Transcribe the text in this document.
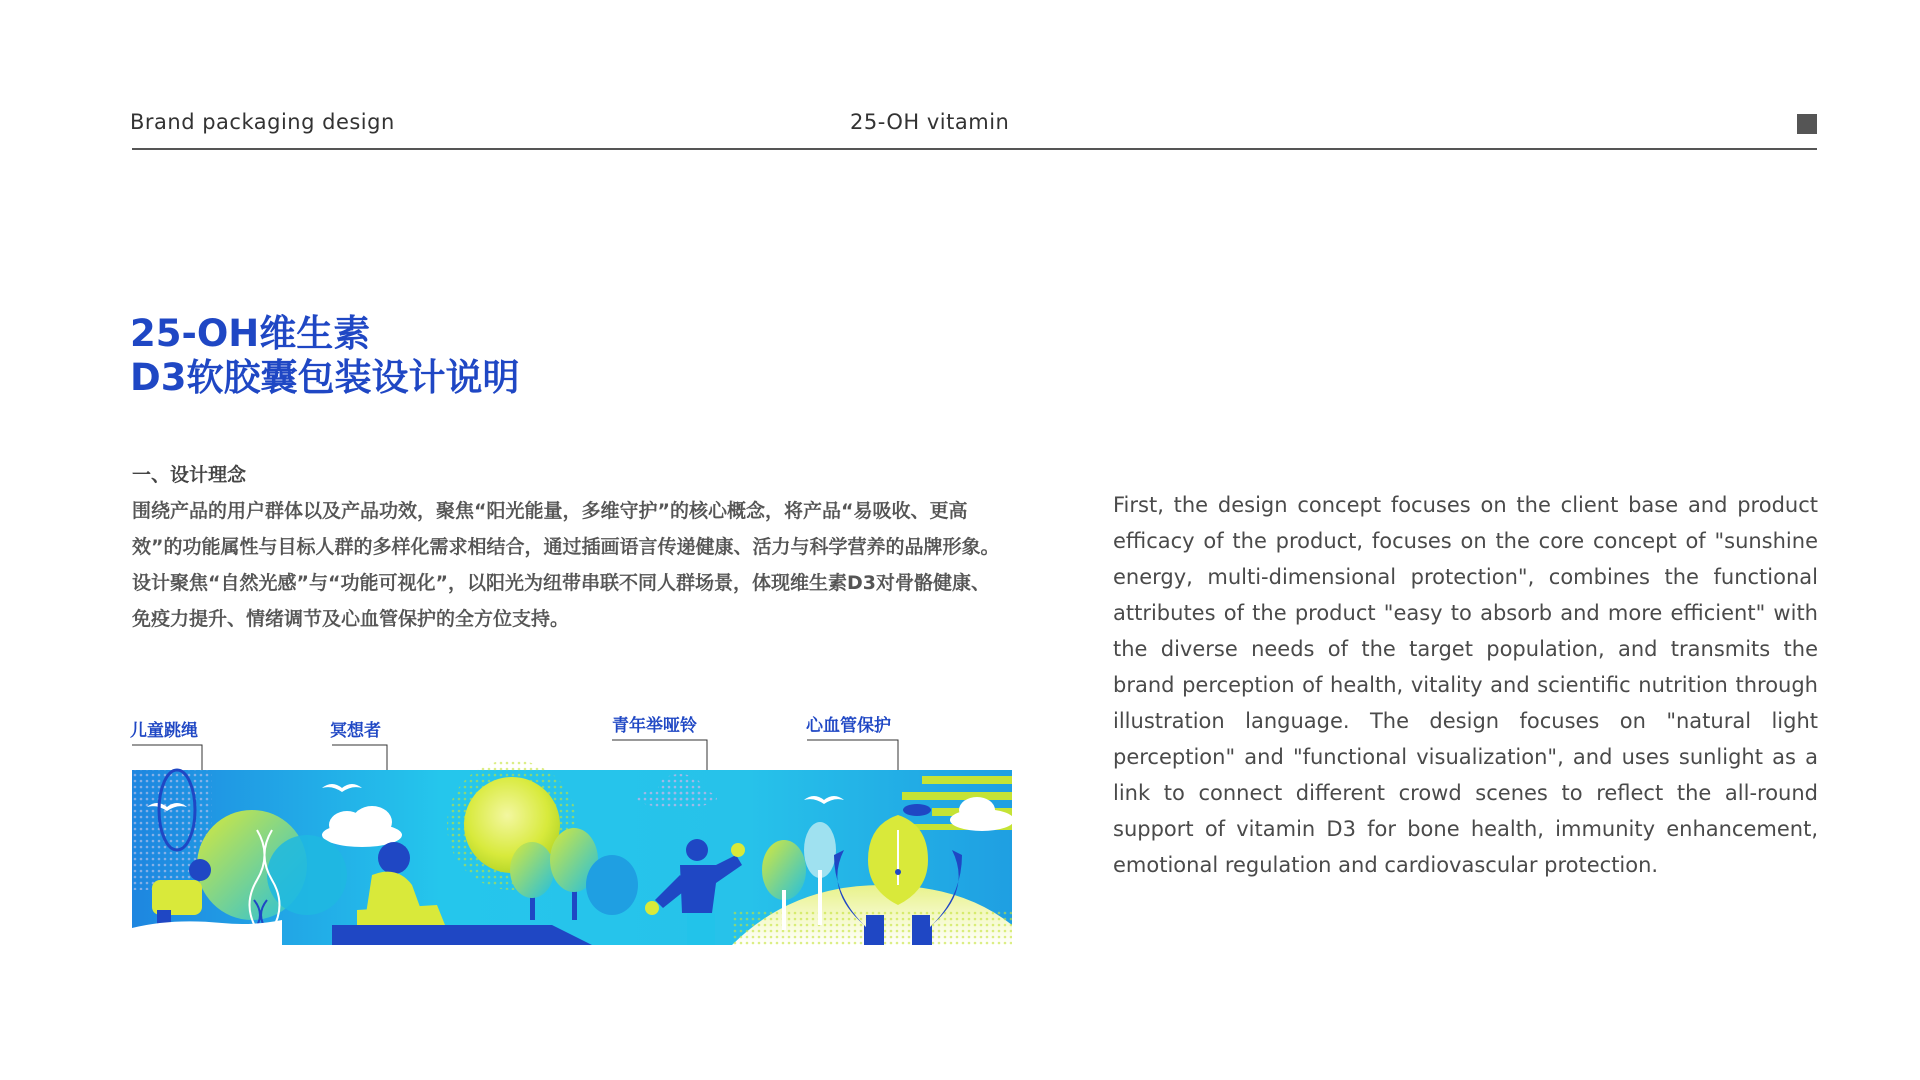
Brand packaging design	25-OH vitamin
25-OH维生素
D3软胶囊包装设计说明
一、设计理念
围绕产品的用户群体以及产品功效，聚焦“阳光能量，多维守护”的核心概念，将产品“易吸收、更高效”的功能属性与目标人群的多样化需求相结合，通过插画语言传递健康、活力与科学营养的品牌形象。设计聚焦“自然光感”与“功能可视化”，以阳光为纽带串联不同人群场景，体现维生素D3对骨骼健康、免疫力提升、情绪调节及心血管保护的全方位支持。
First, the design concept focuses on the client base and product efficacy of the product, focuses on the core concept of "sunshine energy, multi-dimensional protection", combines the functional attributes of the product "easy to absorb and more efficient" with the diverse needs of the target population, and transmits the brand perception of health, vitality and scientific nutrition through illustration language. The design focuses on "natural light perception" and "functional visualization", and uses sunlight as a link to connect different crowd scenes to reflect the all-round support of vitamin D3 for bone health, immunity enhancement, emotional regulation and cardiovascular protection.
儿童跳绳	冥想者	青年举哑铃	心血管保护
